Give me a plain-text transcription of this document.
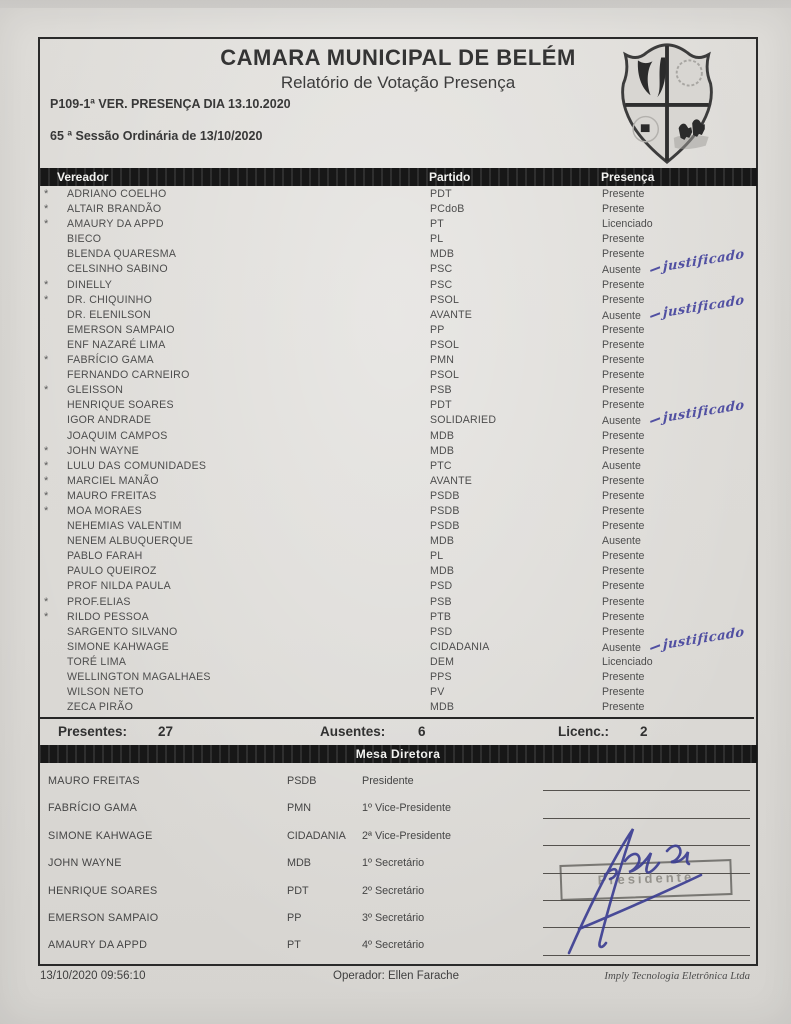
CAMARA MUNICIPAL DE BELÉM
Relatório de Votação Presença
P109-1ª VER. PRESENÇA DIA 13.10.2020
65 ª Sessão Ordinária de 13/10/2020
Vereador	Partido	Presença
* ADRIANO COELHO	PDT	Presente
* ALTAIR BRANDÃO	PCdoB	Presente
* AMAURY DA APPD	PT	Licenciado
BIECO	PL	Presente
BLENDA QUARESMA	MDB	Presente
CELSINHO SABINO	PSC	Ausente justificado
* DINELLY	PSC	Presente
* DR. CHIQUINHO	PSOL	Presente
DR. ELENILSON	AVANTE	Ausente justificado
EMERSON SAMPAIO	PP	Presente
ENF NAZARÉ LIMA	PSOL	Presente
* FABRÍCIO GAMA	PMN	Presente
FERNANDO CARNEIRO	PSOL	Presente
* GLEISSON	PSB	Presente
HENRIQUE SOARES	PDT	Presente
IGOR ANDRADE	SOLIDARIED	Ausente justificado
JOAQUIM CAMPOS	MDB	Presente
* JOHN WAYNE	MDB	Presente
* LULU DAS COMUNIDADES	PTC	Ausente
* MARCIEL MANÃO	AVANTE	Presente
* MAURO FREITAS	PSDB	Presente
* MOA MORAES	PSDB	Presente
NEHEMIAS VALENTIM	PSDB	Presente
NENEM ALBUQUERQUE	MDB	Ausente
PABLO FARAH	PL	Presente
PAULO QUEIROZ	MDB	Presente
PROF NILDA PAULA	PSD	Presente
* PROF.ELIAS	PSB	Presente
* RILDO PESSOA	PTB	Presente
SARGENTO SILVANO	PSD	Presente
SIMONE KAHWAGE	CIDADANIA	Ausente justificado
TORÉ LIMA	DEM	Licenciado
WELLINGTON MAGALHAES	PPS	Presente
WILSON NETO	PV	Presente
ZECA PIRÃO	MDB	Presente
Presentes: 27	Ausentes: 6	Licenc.: 2
Mesa Diretora
MAURO FREITAS	PSDB	Presidente
FABRÍCIO GAMA	PMN	1º Vice-Presidente
SIMONE KAHWAGE	CIDADANIA 2ª Vice-Presidente
JOHN WAYNE	MDB	1º Secretário
HENRIQUE SOARES	PDT	2º Secretário
EMERSON SAMPAIO	PP	3º Secretário
AMAURY DA APPD	PT	4º Secretário
Presidente
13/10/2020 09:56:10	Operador: Ellen Farache	Imply Tecnologia Eletrônica Ltda
